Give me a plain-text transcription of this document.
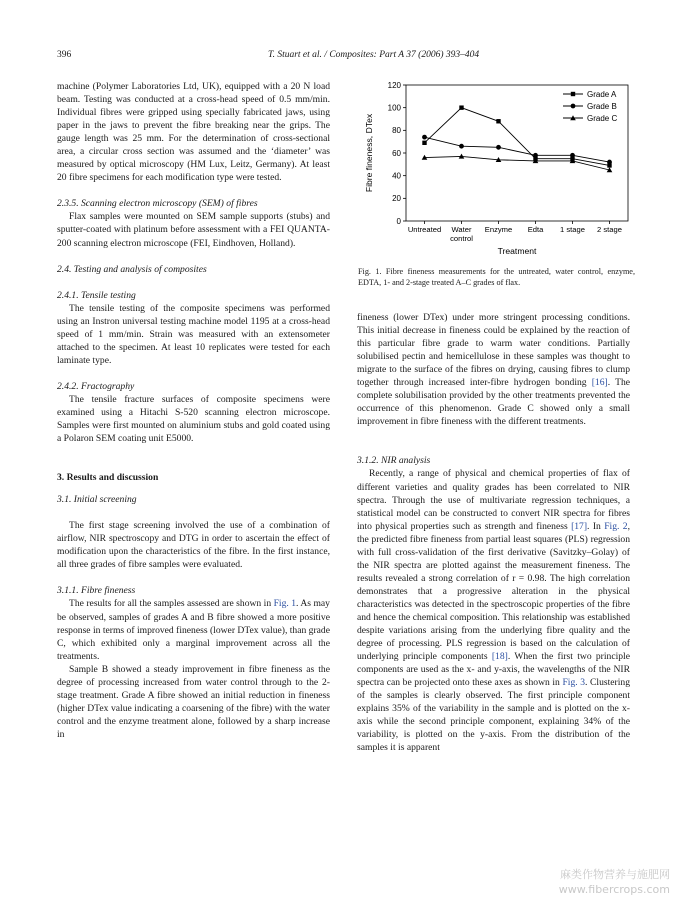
396	T. Stuart et al. / Composites: Part A 37 (2006) 393–404

machine (Polymer Laboratories Ltd, UK), equipped with a 20 N load beam. Testing was conducted at a cross-head speed of 0.5 mm/min. Individual fibres were gripped using specially fabricated jaws, using paper in the jaws to prevent the fibre breaking near the grips. The gauge length was 25 mm. For the determination of cross-sectional area, a circular cross section was assumed and the ‘diameter’ was measured by optical microscopy (HM Lux, Leitz, Germany). At least 20 fibre specimens for each modification type were tested.

2.3.5. Scanning electron microscopy (SEM) of fibres

Flax samples were mounted on SEM sample supports (stubs) and sputter-coated with platinum before assessment with a FEI QUANTA-200 scanning electron microscope (FEI, Eindhoven, Holland).

2.4. Testing and analysis of composites

2.4.1. Tensile testing

The tensile testing of the composite specimens was performed using an Instron universal testing machine model 1195 at a cross-head speed of 1 mm/min. Strain was measured with an extensometer attached to the specimen. At least 10 replicates were tested for each laminate type.

2.4.2. Fractography

The tensile fracture surfaces of composite specimens were examined using a Hitachi S-520 scanning electron microscope. Samples were first mounted on aluminium stubs and gold coated using a Polaron SEM coating unit E5000.

3. Results and discussion

3.1. Initial screening

The first stage screening involved the use of a combination of airflow, NIR spectroscopy and DTG in order to ascertain the effect of modification upon the characteristics of the fibre. In the first instance, all three grades of fibre samples were evaluated.

3.1.1. Fibre fineness

The results for all the samples assessed are shown in Fig. 1. As may be observed, samples of grades A and B fibre showed a more positive response in terms of improved fineness (lower DTex value), than grade C, which exhibited only a marginal improvement across all the treatments.

Sample B showed a steady improvement in fibre fineness as the degree of processing increased from water control through to the 2-stage treatment. Grade A fibre showed an initial reduction in fineness (higher DTex value indicating a coarsening of the fibre) with the water control and the enzyme treatment alone, followed by a sharp increase in

0
20
40
60
80
100
120
Untreated Water
control
Enzyme Edta 1 stage 2 stage
Treatment
Fibre fineness, DTex
Grade A
Grade B
Grade C
Fig. 1. Fibre fineness measurements for the untreated, water control, enzyme, EDTA, 1- and 2-stage treated A–C grades of flax.

fineness (lower DTex) under more stringent processing conditions. This initial decrease in fineness could be explained by the reaction of this particular fibre grade to warm water conditions. Partially solubilised pectin and hemicellulose in these samples was thought to migrate to the surface of the fibres on drying, causing fibres to clump together through increased inter-fibre hydrogen bonding [16]. The complete solubilisation provided by the other treatments prevented the occurrence of this phenomenon. Grade C showed only a small improvement in fibre fineness with the different treatments.

3.1.2. NIR analysis

Recently, a range of physical and chemical properties of flax of different varieties and quality grades has been correlated to NIR spectra. Through the use of multivariate regression techniques, a statistical model can be constructed to convert NIR spectra for fibres into physical properties such as strength and fineness [17]. In Fig. 2, the predicted fibre fineness from partial least squares (PLS) regression with full cross-validation of the first derivative (Savitzky–Golay) of the NIR spectra are plotted against the measurement fineness. The results revealed a strong correlation of r = 0.98. The high correlation demonstrates that a progressive alteration in the physical characteristics was detected in the spectroscopic properties of the fibre and hence the chemical composition. This relationship was established despite variations arising from the underlying fibre quality and the degree of processing. PLS regression is based on the calculation of underlying principle components [18]. When the first two principle components are used as the x- and y-axis, the wavelengths of the NIR spectra can be projected onto these axes as shown in Fig. 3. Clustering of the samples is clearly observed. The first principle component explains 35% of the variability in the sample and is plotted on the x-axis while the second principle component, explaining 34% of the variability, is plotted on the y-axis. From the distribution of the samples it is apparent

麻类作物营养与施肥网
www.fibercrops.com
